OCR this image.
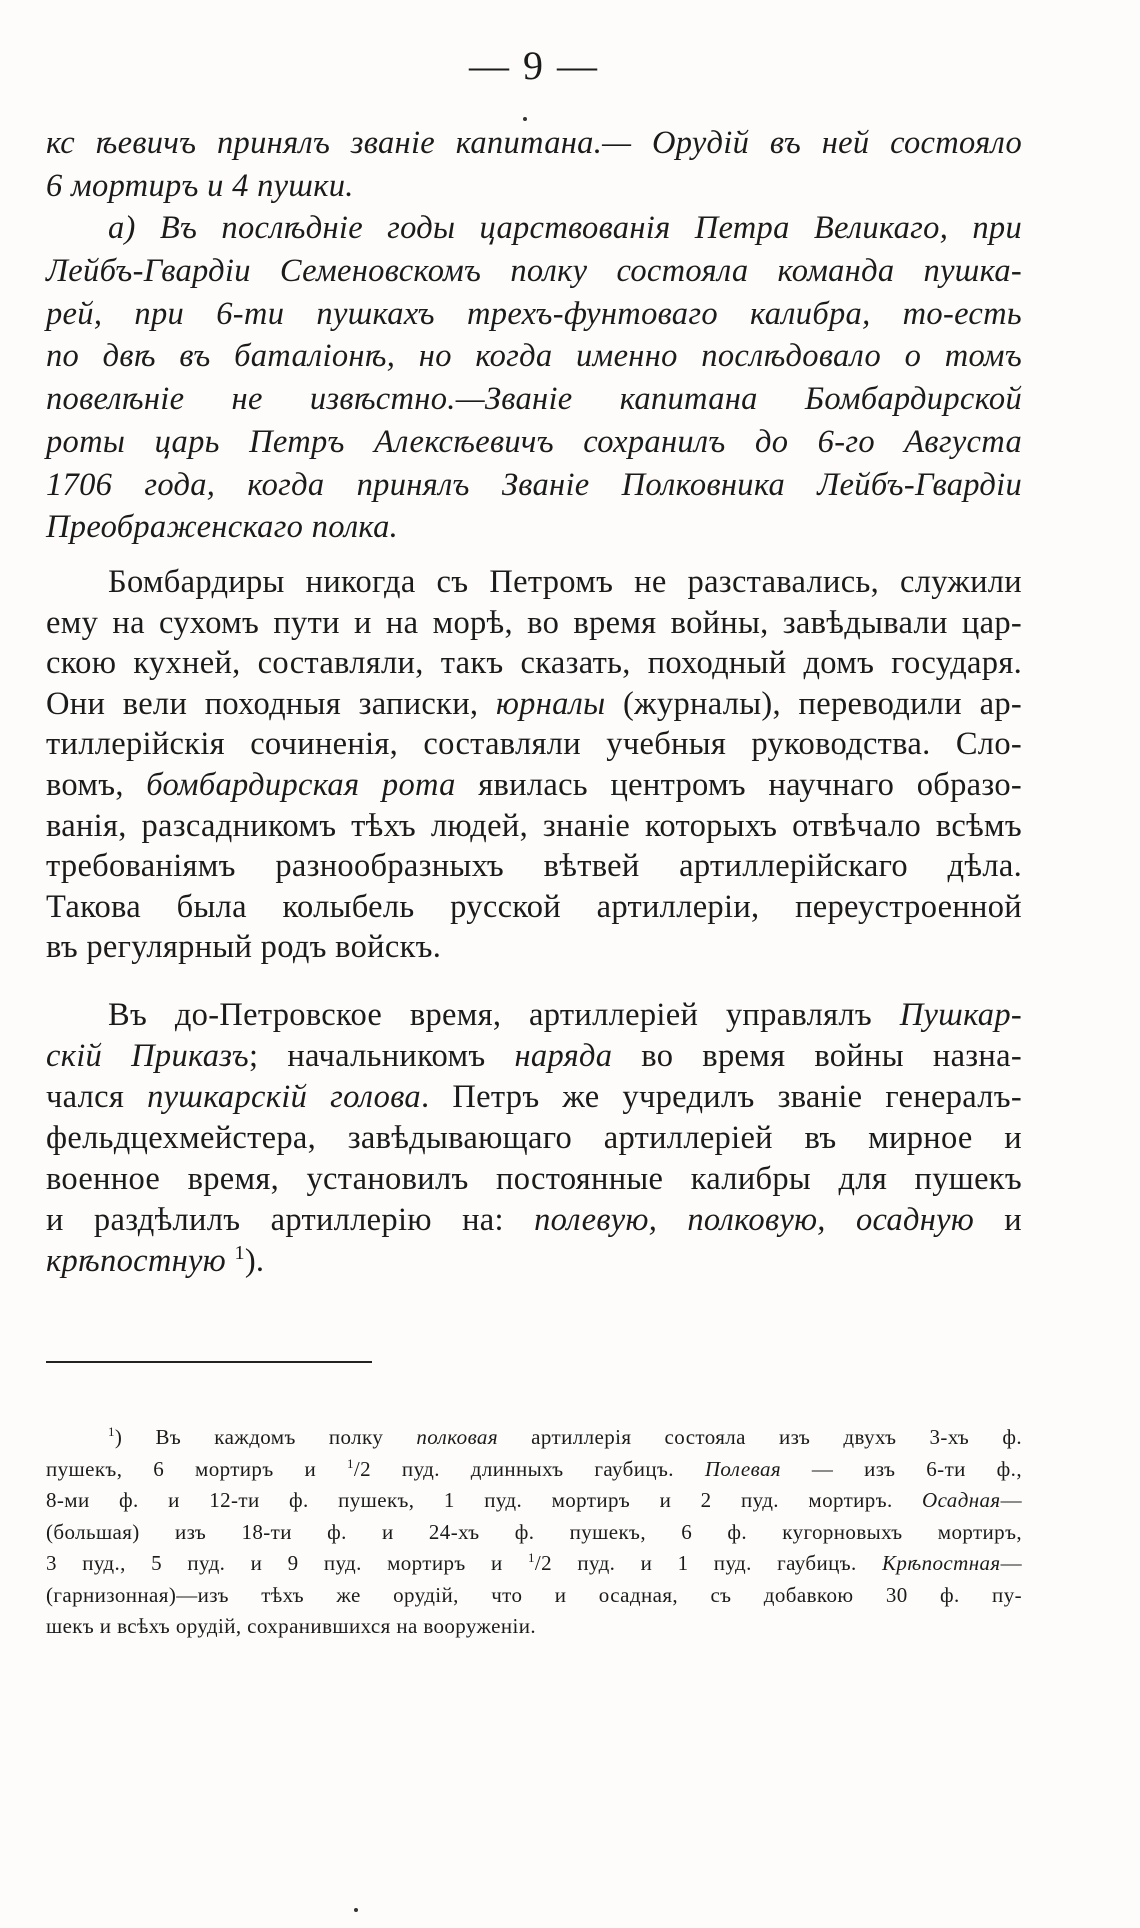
— 9 —
кс ѣевичъ принялъ званіе капитана.— Орудій въ ней состояло
6 мортиръ и 4 пушки.
а) Въ послѣдніе годы царствованія Петра Великаго, при
Лейбъ-Гвардіи Семеновскомъ полку состояла команда пушка-
рей, при 6-ти пушкахъ трехъ-фунтоваго калибра, то-есть
по двѣ въ баталіонѣ, но когда именно послѣдовало о томъ
повелѣніе не извѣстно.—Званіе капитана Бомбардирской
роты царь Петръ Алексѣевичъ сохранилъ до 6-го Августа
1706 года, когда принялъ Званіе Полковника Лейбъ-Гвардіи
Преображенскаго полка.
Бомбардиры никогда съ Петромъ не разставались, служили
ему на сухомъ пути и на морѣ, во время войны, завѣдывали цар-
скою кухней, составляли, такъ сказать, походный домъ государя.
Они вели походныя записки, юрналы (журналы), переводили ар-
тиллерійскія сочиненія, составляли учебныя руководства. Сло-
вомъ, бомбардирская рота явилась центромъ научнаго образо-
ванія, разсадникомъ тѣхъ людей, знаніе которыхъ отвѣчало всѣмъ
требованіямъ разнообразныхъ вѣтвей артиллерійскаго дѣла.
Такова была колыбель русской артиллеріи, переустроенной
въ регулярный родъ войскъ.
Въ до-Петровское время, артиллеріей управлялъ Пушкар-
скій Приказъ; начальникомъ наряда во время войны назна-
чался пушкарскій голова. Петръ же учредилъ званіе генералъ-
фельдцехмейстера, завѣдывающаго артиллеріей въ мирное и
военное время, установилъ постоянные калибры для пушекъ
и раздѣлилъ артиллерію на: полевую, полковую, осадную и
крѣпостную $^1$).
$^1$) Въ каждомъ полку полковая артиллерія состояла изъ двухъ 3-хъ ф.
пушекъ, 6 мортиръ и $^1$/2 пуд. длинныхъ гаубицъ. Полевая — изъ 6-ти ф.,
8-ми ф. и 12-ти ф. пушекъ, 1 пуд. мортиръ и 2 пуд. мортиръ. Осадная—
(большая) изъ 18-ти ф. и 24-хъ ф. пушекъ, 6 ф. кугорновыхъ мортиръ,
3 пуд., 5 пуд. и 9 пуд. мортиръ и $^1$/2 пуд. и 1 пуд. гаубицъ. Крѣпостная—
(гарнизонная)—изъ тѣхъ же орудій, что и осадная, съ добавкою 30 ф. пу-
шекъ и всѣхъ орудій, сохранившихся на вооруженіи.
